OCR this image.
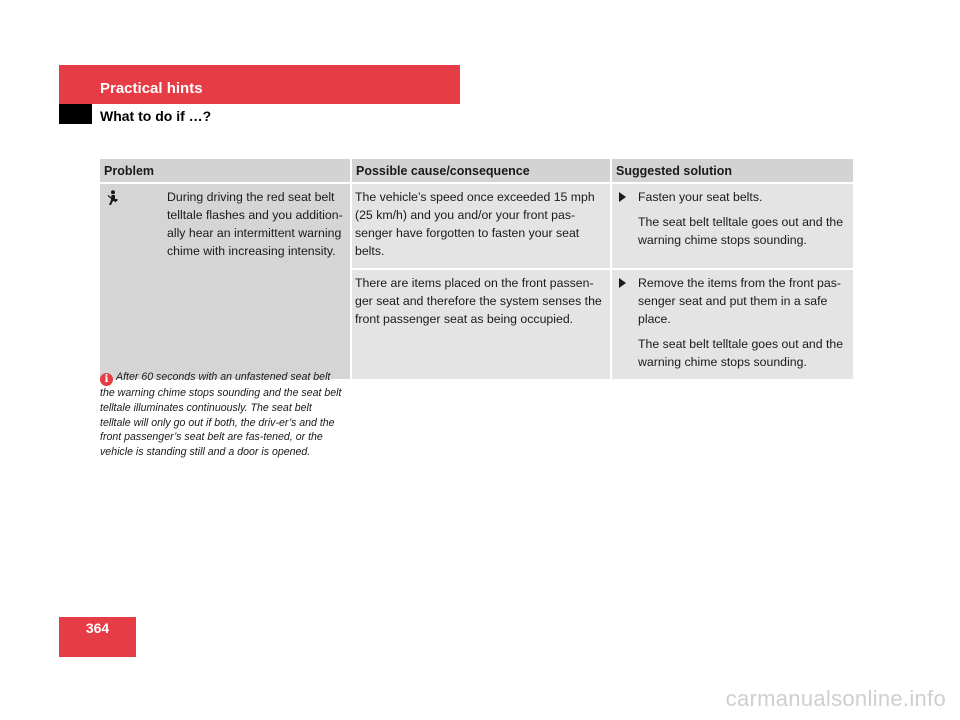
Practical hints
What to do if …?
Problem	Possible cause/consequence	Suggested solution

During driving the red seat belt telltale flashes and you addition-ally hear an intermittent warning chime with increasing intensity.	The vehicle’s speed once exceeded 15 mph (25 km/h) and you and/or your front pas-senger have forgotten to fasten your seat belts.	Fasten your seat belts.
The seat belt telltale goes out and the warning chime stops sounding.

	There are items placed on the front passen-ger seat and therefore the system senses the front passenger seat as being occupied.	Remove the items from the front pas-senger seat and put them in a safe place.
The seat belt telltale goes out and the warning chime stops sounding.
i After 60 seconds with an unfastened seat belt the warning chime stops sounding and the seat belt telltale illuminates continuously. The seat belt telltale will only go out if both, the driv-er’s and the front passenger’s seat belt are fas-tened, or the vehicle is standing still and a door is opened.
364
carmanualsonline.info
